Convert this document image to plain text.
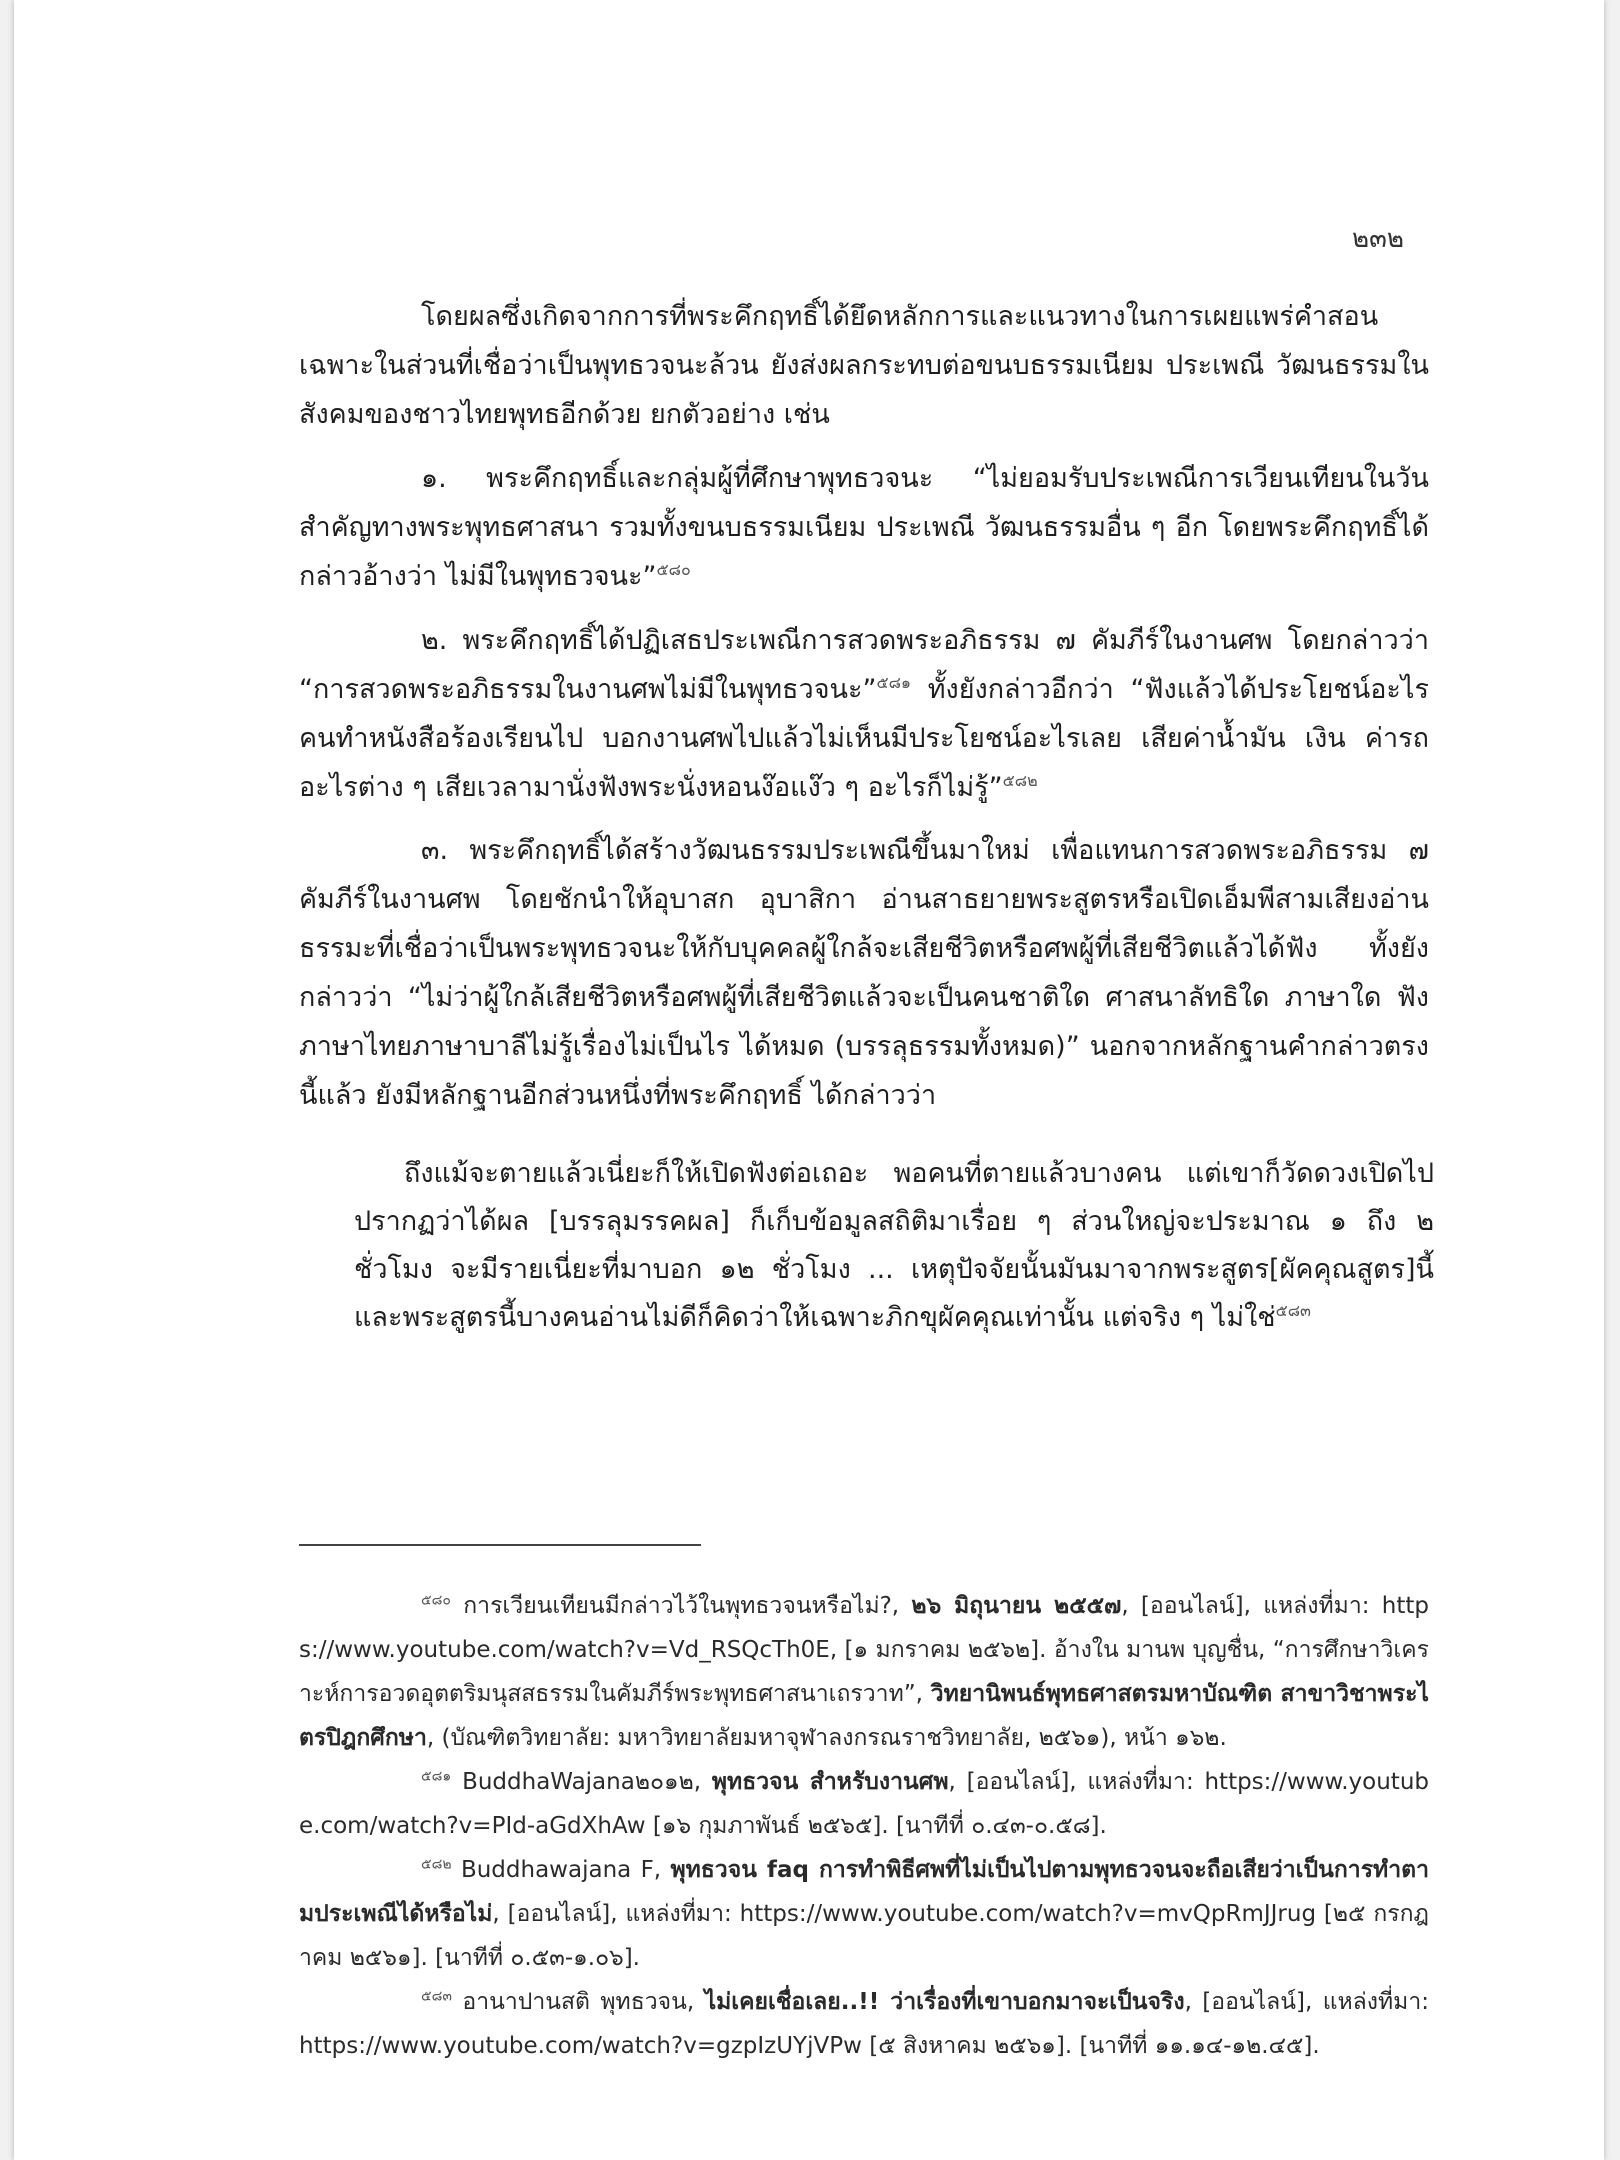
๒๓๒

โดยผลซึ่งเกิดจากการที่พระคึกฤทธิ์ได้ยึดหลักการและแนวทางในการเผยแพร่คำสอนเฉพาะในส่วนที่เชื่อว่าเป็นพุทธวจนะล้วน ยังส่งผลกระทบต่อขนบธรรมเนียม ประเพณี วัฒนธรรมในสังคมของชาวไทยพุทธอีกด้วย ยกตัวอย่าง เช่น

๑. พระคึกฤทธิ์และกลุ่มผู้ที่ศึกษาพุทธวจนะ “ไม่ยอมรับประเพณีการเวียนเทียนในวันสำคัญทางพระพุทธศาสนา รวมทั้งขนบธรรมเนียม ประเพณี วัฒนธรรมอื่น ๆ อีก โดยพระคึกฤทธิ์ได้กล่าวอ้างว่า ไม่มีในพุทธวจนะ”$^{๕๘๐}$

๒. พระคึกฤทธิ์ได้ปฏิเสธประเพณีการสวดพระอภิธรรม ๗ คัมภีร์ในงานศพ โดยกล่าวว่า “การสวดพระอภิธรรมในงานศพไม่มีในพุทธวจนะ”$^{๕๘๑}$ ทั้งยังกล่าวอีกว่า “ฟังแล้วได้ประโยชน์อะไร คนทำหนังสือร้องเรียนไป บอกงานศพไปแล้วไม่เห็นมีประโยชน์อะไรเลย เสียค่าน้ำมัน เงิน ค่ารถอะไรต่าง ๆ เสียเวลามานั่งฟังพระนั่งหอนง๊อแง๊ว ๆ อะไรก็ไม่รู้”$^{๕๘๒}$

๓. พระคึกฤทธิ์ได้สร้างวัฒนธรรมประเพณีขึ้นมาใหม่ เพื่อแทนการสวดพระอภิธรรม ๗ คัมภีร์ในงานศพ โดยชักนำให้อุบาสก อุบาสิกา อ่านสาธยายพระสูตรหรือเปิดเอ็มพีสามเสียงอ่านธรรมะที่เชื่อว่าเป็นพระพุทธวจนะให้กับบุคคลผู้ใกล้จะเสียชีวิตหรือศพผู้ที่เสียชีวิตแล้วได้ฟัง ทั้งยังกล่าวว่า “ไม่ว่าผู้ใกล้เสียชีวิตหรือศพผู้ที่เสียชีวิตแล้วจะเป็นคนชาติใด ศาสนาลัทธิใด ภาษาใด ฟังภาษาไทยภาษาบาลีไม่รู้เรื่องไม่เป็นไร ได้หมด (บรรลุธรรมทั้งหมด)” นอกจากหลักฐานคำกล่าวตรงนี้แล้ว ยังมีหลักฐานอีกส่วนหนึ่งที่พระคึกฤทธิ์ ได้กล่าวว่า

ถึงแม้จะตายแล้วเนี่ยะก็ให้เปิดฟังต่อเถอะ พอคนที่ตายแล้วบางคน แต่เขาก็วัดดวงเปิดไปปรากฏว่าได้ผล [บรรลุมรรคผล] ก็เก็บข้อมูลสถิติมาเรื่อย ๆ ส่วนใหญ่จะประมาณ ๑ ถึง ๒ ชั่วโมง จะมีรายเนี่ยะที่มาบอก ๑๒ ชั่วโมง ... เหตุปัจจัยนั้นมันมาจากพระสูตร[ผัคคุณสูตร]นี้ และพระสูตรนี้บางคนอ่านไม่ดีก็คิดว่าให้เฉพาะภิกขุผัคคุณเท่านั้น แต่จริง ๆ ไม่ใช่$^{๕๘๓}$

$^{๕๘๐}$ การเวียนเทียนมีกล่าวไว้ในพุทธวจนหรือไม่?, ๒๖ มิถุนายน ๒๕๕๗, [ออนไลน์], แหล่งที่มา: https://www.youtube.com/watch?v=Vd_RSQcTh0E, [๑ มกราคม ๒๕๖๒]. อ้างใน มานพ บุญชื่น, “การศึกษาวิเคราะห์การอวดอุตตริมนุสสธรรมในคัมภีร์พระพุทธศาสนาเถรวาท”, วิทยานิพนธ์พุทธศาสตรมหาบัณฑิต สาขาวิชาพระไตรปิฎกศึกษา, (บัณฑิตวิทยาลัย: มหาวิทยาลัยมหาจุฬาลงกรณราชวิทยาลัย, ๒๕๖๑), หน้า ๑๖๒.

$^{๕๘๑}$ BuddhaWajana๒๐๑๒, พุทธวจน สำหรับงานศพ, [ออนไลน์], แหล่งที่มา: https://www.youtube.com/watch?v=PId-aGdXhAw [๑๖ กุมภาพันธ์ ๒๕๖๕]. [นาทีที่ ๐.๔๓-๐.๕๘].

$^{๕๘๒}$ Buddhawajana F, พุทธวจน faq การทำพิธีศพที่ไม่เป็นไปตามพุทธวจนจะถือเสียว่าเป็นการทำตามประเพณีได้หรือไม่, [ออนไลน์], แหล่งที่มา: https://www.youtube.com/watch?v=mvQpRmJJrug [๒๕ กรกฎาคม ๒๕๖๑]. [นาทีที่ ๐.๕๓-๑.๐๖].

$^{๕๘๓}$ อานาปานสติ พุทธวจน, ไม่เคยเชื่อเลย..!! ว่าเรื่องที่เขาบอกมาจะเป็นจริง, [ออนไลน์], แหล่งที่มา: https://www.youtube.com/watch?v=gzpIzUYjVPw [๕ สิงหาคม ๒๕๖๑]. [นาทีที่ ๑๑.๑๔-๑๒.๔๕].
